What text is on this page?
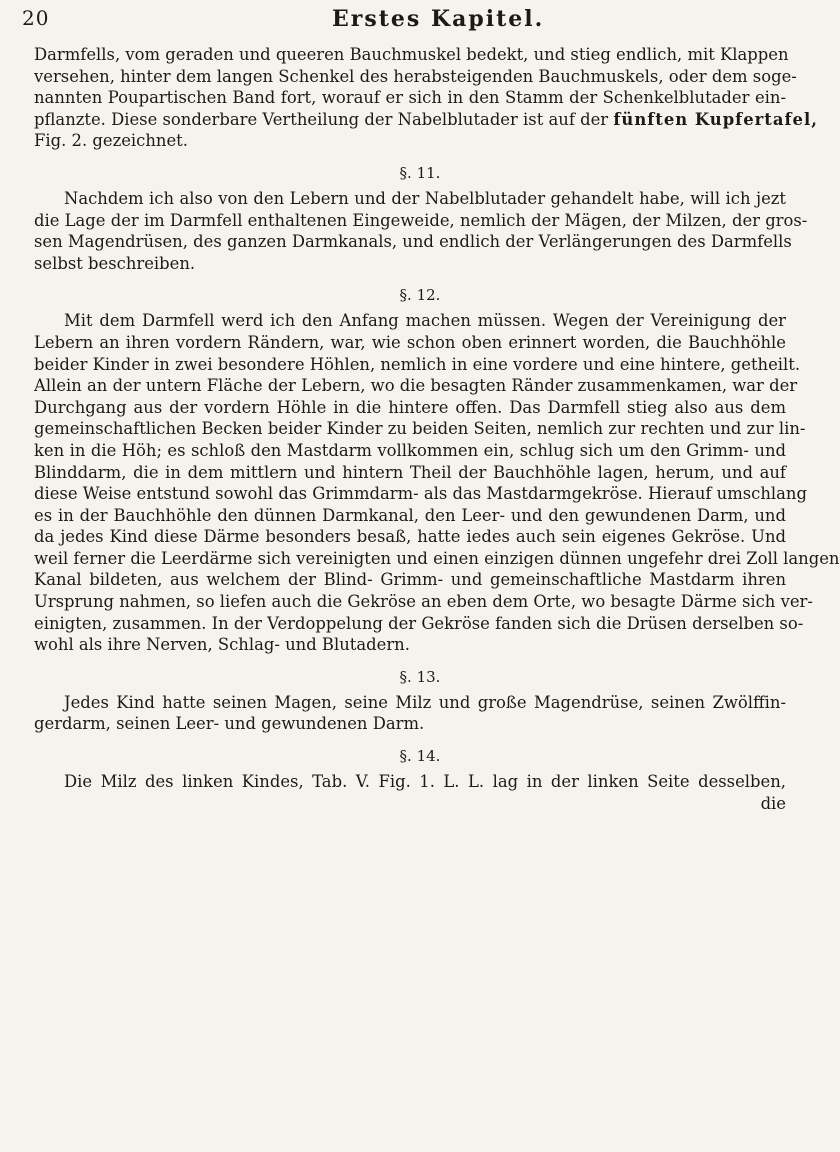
20	Erstes Kapitel.
Darmfells, vom geraden und queeren Bauchmuskel bedekt, und stieg endlich, mit Klappen
versehen, hinter dem langen Schenkel des herabsteigenden Bauchmuskels, oder dem soge-
nannten Poupartischen Band fort, worauf er sich in den Stamm der Schenkelblutader ein-
pflanzte. Diese sonderbare Vertheilung der Nabelblutader ist auf der fünften Kupfertafel,
Fig. 2. gezeichnet.
§. 11.
Nachdem ich also von den Lebern und der Nabelblutader gehandelt habe, will ich jezt
die Lage der im Darmfell enthaltenen Eingeweide, nemlich der Mägen, der Milzen, der gros-
sen Magendrüsen, des ganzen Darmkanals, und endlich der Verlängerungen des Darmfells
selbst beschreiben.
§. 12.
Mit dem Darmfell werd ich den Anfang machen müssen. Wegen der Vereinigung der
Lebern an ihren vordern Rändern, war, wie schon oben erinnert worden, die Bauchhöhle
beider Kinder in zwei besondere Höhlen, nemlich in eine vordere und eine hintere, getheilt.
Allein an der untern Fläche der Lebern, wo die besagten Ränder zusammenkamen, war der
Durchgang aus der vordern Höhle in die hintere offen. Das Darmfell stieg also aus dem
gemeinschaftlichen Becken beider Kinder zu beiden Seiten, nemlich zur rechten und zur lin-
ken in die Höh; es schloß den Mastdarm vollkommen ein, schlug sich um den Grimm- und
Blinddarm, die in dem mittlern und hintern Theil der Bauchhöhle lagen, herum, und auf
diese Weise entstund sowohl das Grimmdarm- als das Mastdarmgekröse. Hierauf umschlang
es in der Bauchhöhle den dünnen Darmkanal, den Leer- und den gewundenen Darm, und
da jedes Kind diese Därme besonders besaß, hatte iedes auch sein eigenes Gekröse. Und
weil ferner die Leerdärme sich vereinigten und einen einzigen dünnen ungefehr drei Zoll langen
Kanal bildeten, aus welchem der Blind- Grimm- und gemeinschaftliche Mastdarm ihren
Ursprung nahmen, so liefen auch die Gekröse an eben dem Orte, wo besagte Därme sich ver-
einigten, zusammen. In der Verdoppelung der Gekröse fanden sich die Drüsen derselben so-
wohl als ihre Nerven, Schlag- und Blutadern.
§. 13.
Jedes Kind hatte seinen Magen, seine Milz und große Magendrüse, seinen Zwölffin-
gerdarm, seinen Leer- und gewundenen Darm.
§. 14.
Die Milz des linken Kindes, Tab. V. Fig. 1. L. L. lag in der linken Seite desselben,
die
